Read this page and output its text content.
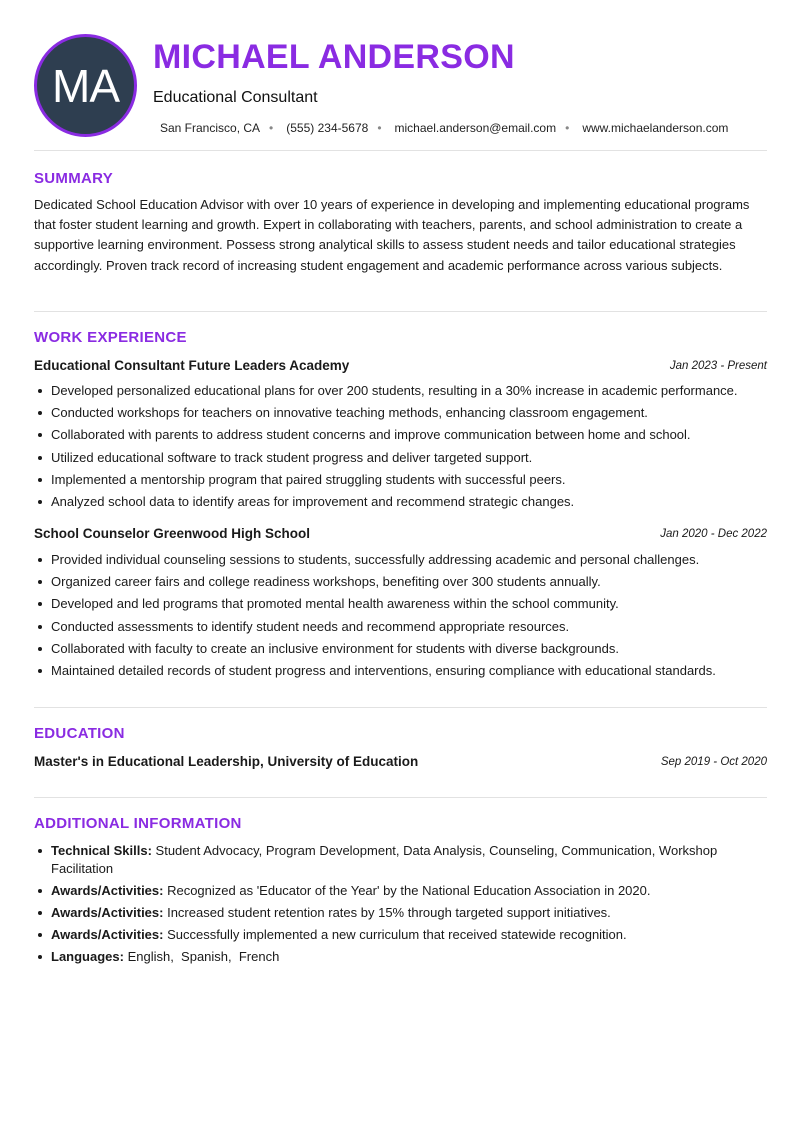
MA
MICHAEL ANDERSON
Educational Consultant
San Francisco, CA • (555) 234-5678 • michael.anderson@email.com • www.michaelanderson.com
SUMMARY
Dedicated School Education Advisor with over 10 years of experience in developing and implementing educational programs that foster student learning and growth. Expert in collaborating with teachers, parents, and school administration to create a supportive learning environment. Possess strong analytical skills to assess student needs and tailor educational strategies accordingly. Proven track record of increasing student engagement and academic performance across various subjects.
WORK EXPERIENCE
Educational Consultant Future Leaders Academy	Jan 2023 - Present
Developed personalized educational plans for over 200 students, resulting in a 30% increase in academic performance.
Conducted workshops for teachers on innovative teaching methods, enhancing classroom engagement.
Collaborated with parents to address student concerns and improve communication between home and school.
Utilized educational software to track student progress and deliver targeted support.
Implemented a mentorship program that paired struggling students with successful peers.
Analyzed school data to identify areas for improvement and recommend strategic changes.
School Counselor Greenwood High School	Jan 2020 - Dec 2022
Provided individual counseling sessions to students, successfully addressing academic and personal challenges.
Organized career fairs and college readiness workshops, benefiting over 300 students annually.
Developed and led programs that promoted mental health awareness within the school community.
Conducted assessments to identify student needs and recommend appropriate resources.
Collaborated with faculty to create an inclusive environment for students with diverse backgrounds.
Maintained detailed records of student progress and interventions, ensuring compliance with educational standards.
EDUCATION
Master's in Educational Leadership, University of Education	Sep 2019 - Oct 2020
ADDITIONAL INFORMATION
Technical Skills: Student Advocacy, Program Development, Data Analysis, Counseling, Communication, Workshop Facilitation
Awards/Activities: Recognized as 'Educator of the Year' by the National Education Association in 2020.
Awards/Activities: Increased student retention rates by 15% through targeted support initiatives.
Awards/Activities: Successfully implemented a new curriculum that received statewide recognition.
Languages: English,  Spanish,  French
